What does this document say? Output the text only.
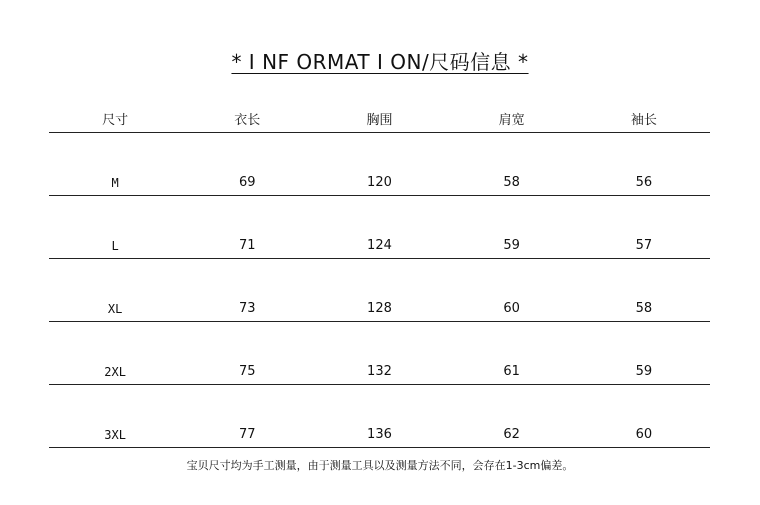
* I NF ORMAT I ON/尺码信息 *
尺寸	衣长	胸围	肩宽	袖长
M	69	120	58	56
L	71	124	59	57
XL	73	128	60	58
2XL	75	132	61	59
3XL	77	136	62	60
宝贝尺寸均为手工测量，由于测量工具以及测量方法不同，会存在1-3cm偏差。
